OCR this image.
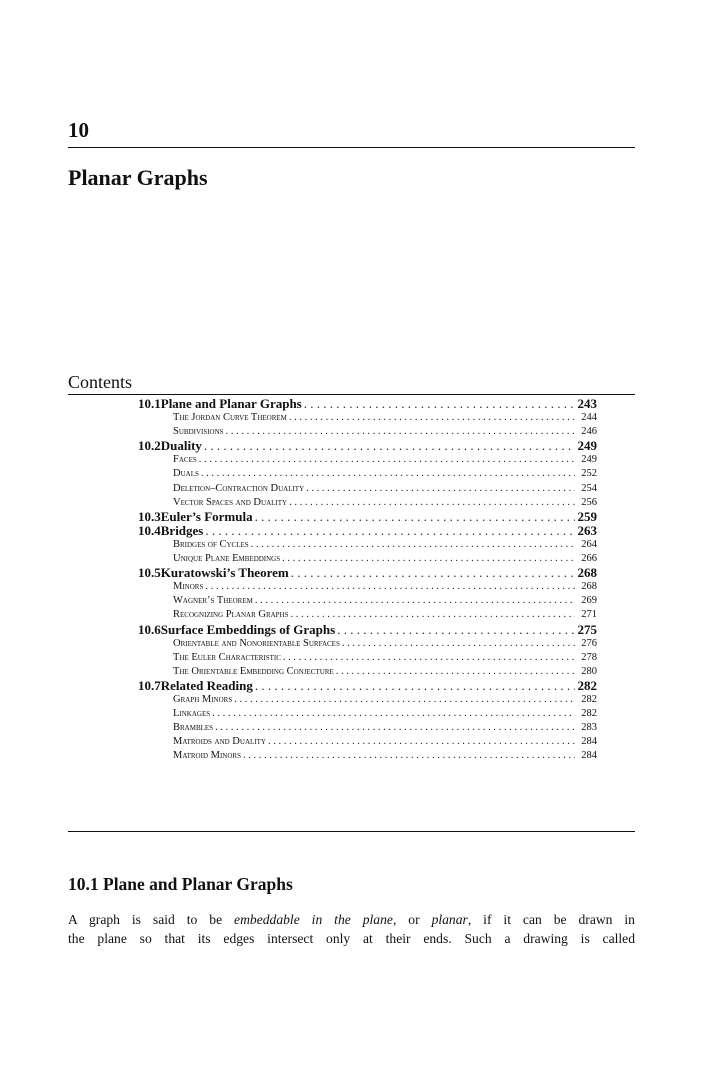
10
Planar Graphs
Contents
10.1 Plane and Planar Graphs . . .	243
The Jordan Curve Theorem . . .	244
Subdivisions . . .	246
10.2 Duality . . .	249
Faces . . .	249
Duals . . .	252
Deletion–Contraction Duality . . .	254
Vector Spaces and Duality . . .	256
10.3 Euler’s Formula . . .	259
10.4 Bridges . . .	263
Bridges of Cycles . . .	264
Unique Plane Embeddings . . .	266
10.5 Kuratowski’s Theorem . . .	268
Minors . . .	268
Wagner’s Theorem . . .	269
Recognizing Planar Graphs . . .	271
10.6 Surface Embeddings of Graphs . . .	275
Orientable and Nonorientable Surfaces . . .	276
The Euler Characteristic . . .	278
The Orientable Embedding Conjecture . . .	280
10.7 Related Reading . . .	282
Graph Minors . . .	282
Linkages . . .	282
Brambles . . .	283
Matroids and Duality . . .	284
Matroid Minors . . .	284
10.1 Plane and Planar Graphs
A graph is said to be embeddable in the plane, or planar, if it can be drawn in
the plane so that its edges intersect only at their ends. Such a drawing is called
